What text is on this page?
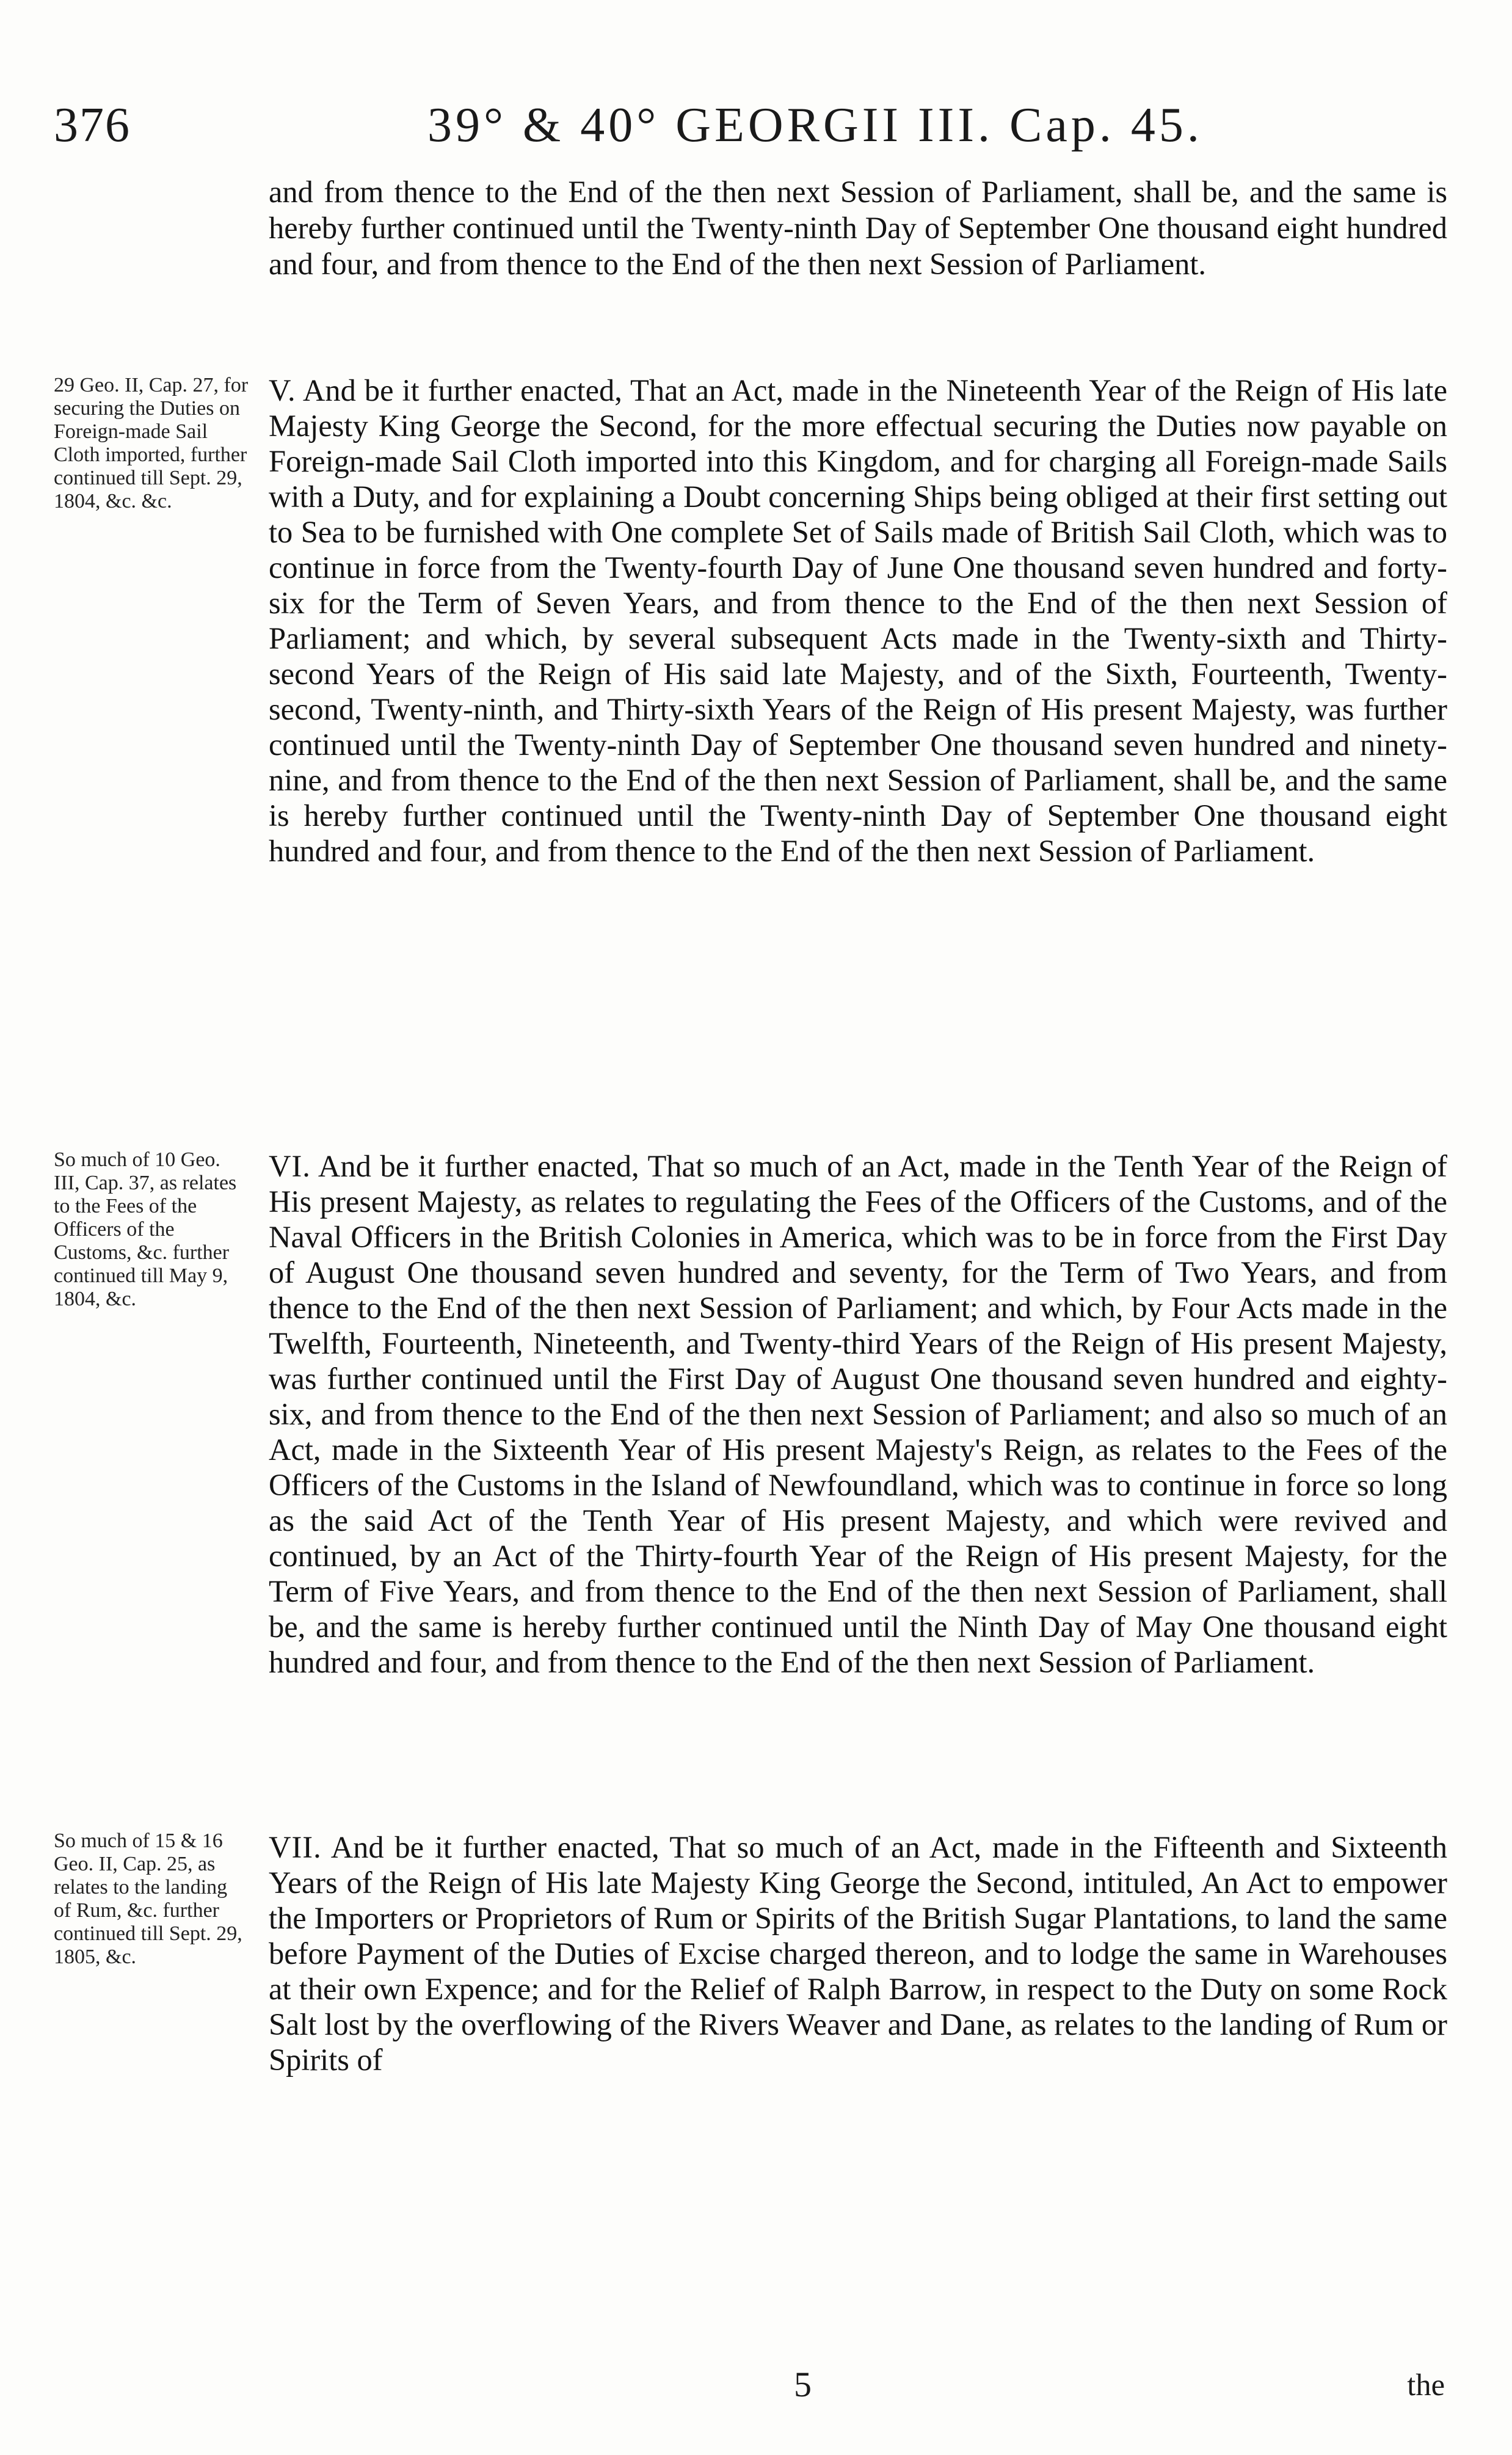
376	39° & 40° GEORGII III. Cap. 45.
and from thence to the End of the then next Session of Parliament, shall be, and the same is hereby further continued until the Twenty-ninth Day of September One thousand eight hundred and four, and from thence to the End of the then next Session of Parliament.
29 Geo. II, Cap. 27, for securing the Duties on Foreign-made Sail Cloth imported, further continued till Sept. 29, 1804, &c. &c.
V. And be it further enacted, That an Act, made in the Nineteenth Year of the Reign of His late Majesty King George the Second, for the more effectual securing the Duties now payable on Foreign-made Sail Cloth imported into this Kingdom, and for charging all Foreign-made Sails with a Duty, and for explaining a Doubt concerning Ships being obliged at their first setting out to Sea to be furnished with One complete Set of Sails made of British Sail Cloth, which was to continue in force from the Twenty-fourth Day of June One thousand seven hundred and forty-six for the Term of Seven Years, and from thence to the End of the then next Session of Parliament; and which, by several subsequent Acts made in the Twenty-sixth and Thirty-second Years of the Reign of His said late Majesty, and of the Sixth, Fourteenth, Twenty-second, Twenty-ninth, and Thirty-sixth Years of the Reign of His present Majesty, was further continued until the Twenty-ninth Day of September One thousand seven hundred and ninety-nine, and from thence to the End of the then next Session of Parliament, shall be, and the same is hereby further continued until the Twenty-ninth Day of September One thousand eight hundred and four, and from thence to the End of the then next Session of Parliament.
So much of 10 Geo. III, Cap. 37, as relates to the Fees of the Officers of the Customs, &c. further continued till May 9, 1804, &c.
VI. And be it further enacted, That so much of an Act, made in the Tenth Year of the Reign of His present Majesty, as relates to regulating the Fees of the Officers of the Customs, and of the Naval Officers in the British Colonies in America, which was to be in force from the First Day of August One thousand seven hundred and seventy, for the Term of Two Years, and from thence to the End of the then next Session of Parliament; and which, by Four Acts made in the Twelfth, Fourteenth, Nineteenth, and Twenty-third Years of the Reign of His present Majesty, was further continued until the First Day of August One thousand seven hundred and eighty-six, and from thence to the End of the then next Session of Parliament; and also so much of an Act, made in the Sixteenth Year of His present Majesty's Reign, as relates to the Fees of the Officers of the Customs in the Island of Newfoundland, which was to continue in force so long as the said Act of the Tenth Year of His present Majesty, and which were revived and continued, by an Act of the Thirty-fourth Year of the Reign of His present Majesty, for the Term of Five Years, and from thence to the End of the then next Session of Parliament, shall be, and the same is hereby further continued until the Ninth Day of May One thousand eight hundred and four, and from thence to the End of the then next Session of Parliament.
So much of 15 & 16 Geo. II, Cap. 25, as relates to the landing of Rum, &c. further continued till Sept. 29, 1805, &c.
VII. And be it further enacted, That so much of an Act, made in the Fifteenth and Sixteenth Years of the Reign of His late Majesty King George the Second, intituled, An Act to empower the Importers or Proprietors of Rum or Spirits of the British Sugar Plantations, to land the same before Payment of the Duties of Excise charged thereon, and to lodge the same in Warehouses at their own Expence; and for the Relief of Ralph Barrow, in respect to the Duty on some Rock Salt lost by the overflowing of the Rivers Weaver and Dane, as relates to the landing of Rum or Spirits of
5	the
